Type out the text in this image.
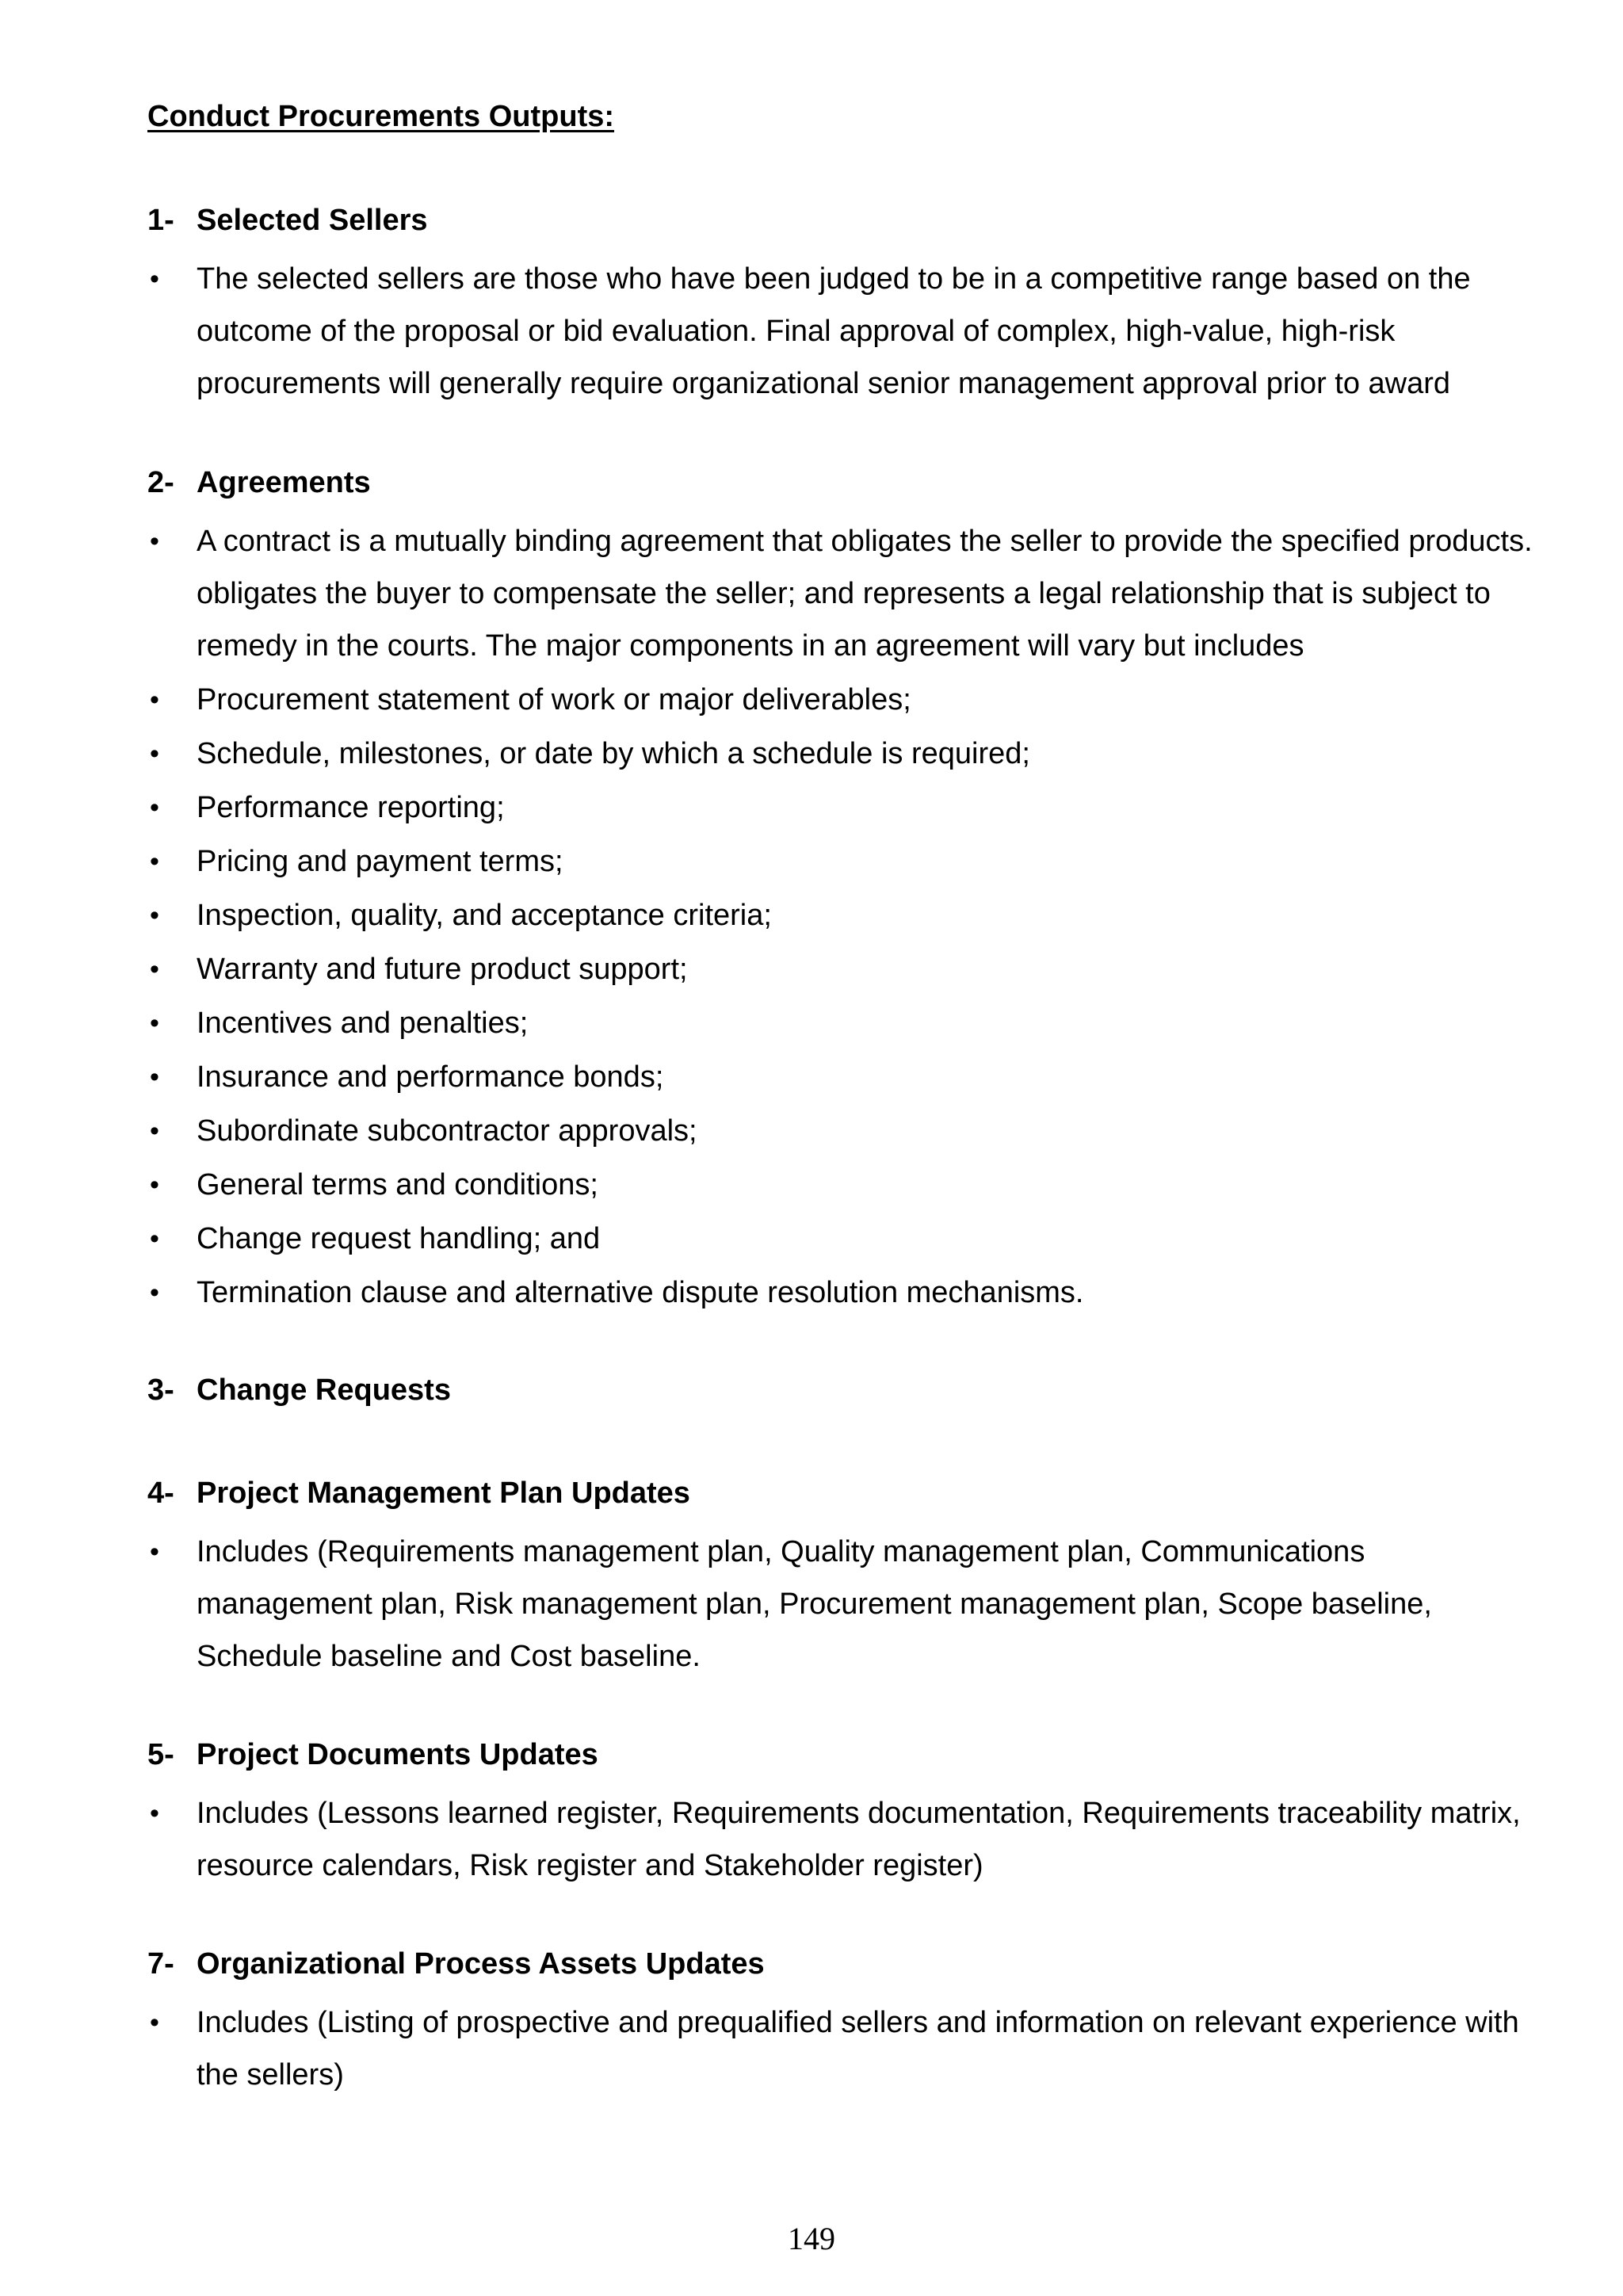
Conduct Procurements Outputs:
1- Selected Sellers
• The selected sellers are those who have been judged to be in a competitive range based on the outcome of the proposal or bid evaluation. Final approval of complex, high-value, high-risk procurements will generally require organizational senior management approval prior to award
2- Agreements
• A contract is a mutually binding agreement that obligates the seller to provide the specified products. obligates the buyer to compensate the seller; and represents a legal relationship that is subject to remedy in the courts. The major components in an agreement will vary but includes
• Procurement statement of work or major deliverables;
• Schedule, milestones, or date by which a schedule is required;
• Performance reporting;
• Pricing and payment terms;
• Inspection, quality, and acceptance criteria;
• Warranty and future product support;
• Incentives and penalties;
• Insurance and performance bonds;
• Subordinate subcontractor approvals;
• General terms and conditions;
• Change request handling; and
• Termination clause and alternative dispute resolution mechanisms.
3- Change Requests
4- Project Management Plan Updates
• Includes (Requirements management plan, Quality management plan, Communications management plan, Risk management plan, Procurement management plan, Scope baseline, Schedule baseline and Cost baseline.
5- Project Documents Updates
• Includes (Lessons learned register, Requirements documentation, Requirements traceability matrix, resource calendars, Risk register and Stakeholder register)
7- Organizational Process Assets Updates
• Includes (Listing of prospective and prequalified sellers and information on relevant experience with the sellers)
149
